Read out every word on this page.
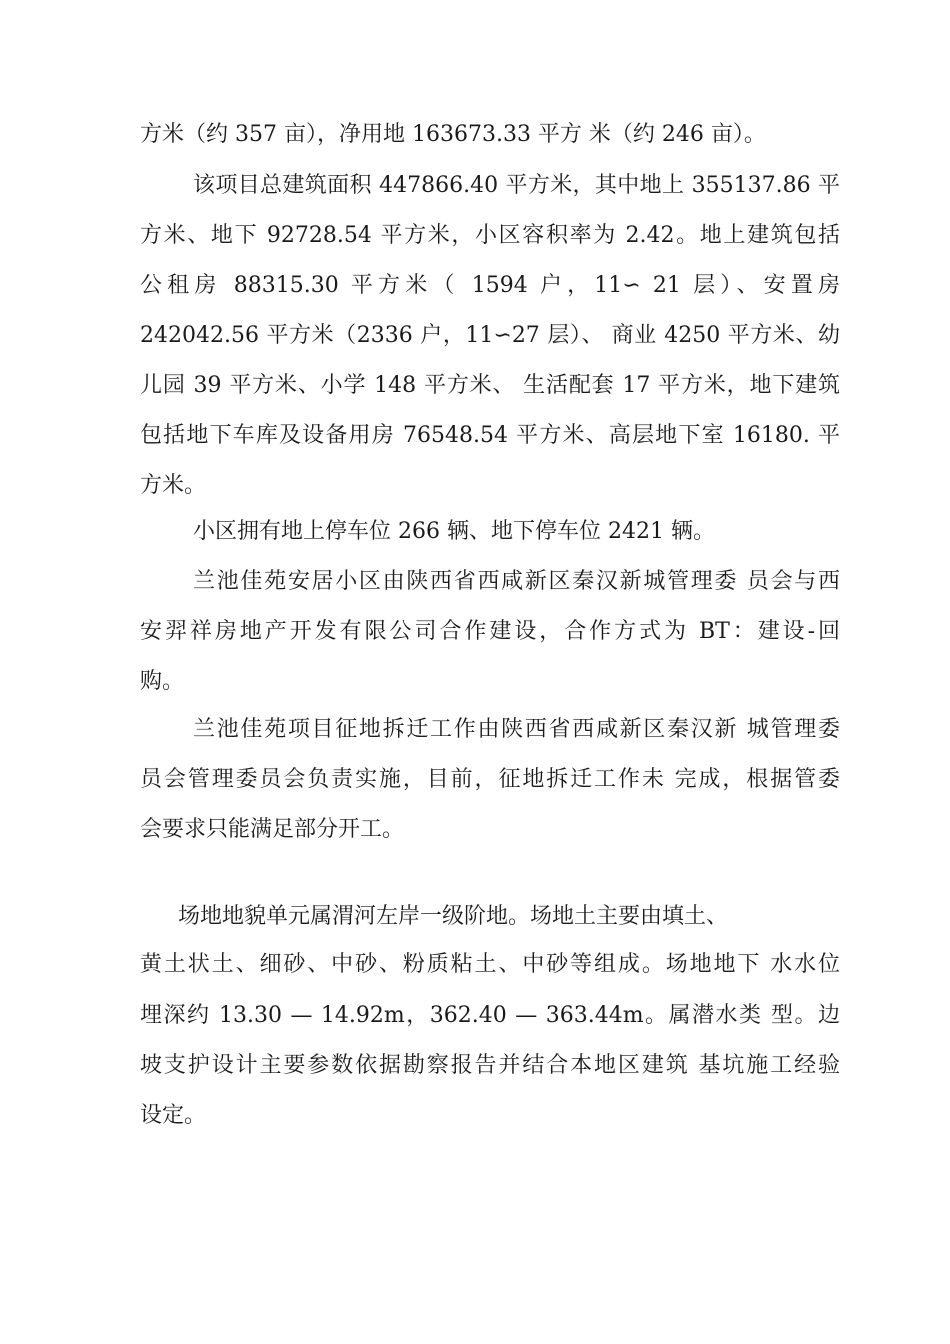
方米（约 357 亩），净用地 163673.33 平方 米（约 246 亩）。
该项目总建筑面积 447866.40 平方米，其中地上 355137.86 平
方米、地下 92728.54 平方米，小区容积率为 2.42。地上建筑包括
公租房 88315.30 平方米（ 1594 户，11∽ 21 层）、安置房
242042.56 平方米（2336 户，11∽27 层）、 商业 4250 平方米、幼
儿园 39 平方米、小学 148 平方米、 生活配套 17 平方米，地下建筑
包括地下车库及设备用房 76548.54 平方米、高层地下室 16180. 平
方米。
小区拥有地上停车位 266 辆、地下停车位 2421 辆。
兰池佳苑安居小区由陕西省西咸新区秦汉新城管理委 员会与西
安羿祥房地产开发有限公司合作建设，合作方式为 BT：建设-回
购。
兰池佳苑项目征地拆迁工作由陕西省西咸新区秦汉新 城管理委
员会管理委员会负责实施，目前，征地拆迁工作未 完成，根据管委
会要求只能满足部分开工。
场地地貌单元属渭河左岸一级阶地。场地土主要由填土、
黄土状土、细砂、中砂、粉质粘土、中砂等组成。场地地下 水水位
埋深约 13.30 — 14.92m，362.40 — 363.44m。属潜水类 型。边
坡支护设计主要参数依据勘察报告并结合本地区建筑 基坑施工经验
设定。
